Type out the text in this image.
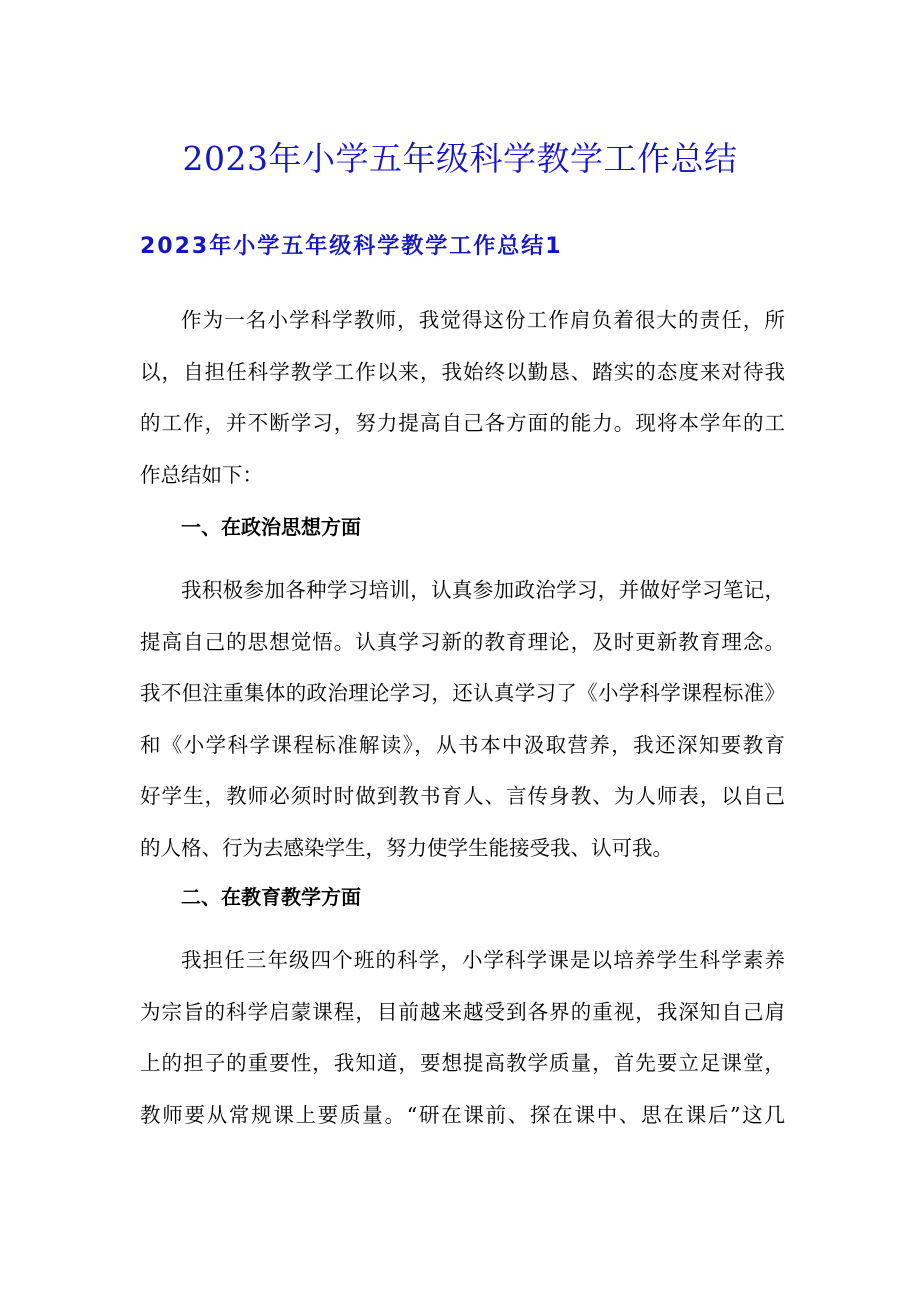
2023年小学五年级科学教学工作总结
2023年小学五年级科学教学工作总结1
作为一名小学科学教师，我觉得这份工作肩负着很大的责任，所
以，自担任科学教学工作以来，我始终以勤恳、踏实的态度来对待我
的工作，并不断学习，努力提高自己各方面的能力。现将本学年的工
作总结如下：
一、在政治思想方面
我积极参加各种学习培训，认真参加政治学习，并做好学习笔记，
提高自己的思想觉悟。认真学习新的教育理论，及时更新教育理念。
我不但注重集体的政治理论学习，还认真学习了《小学科学课程标准》
和《小学科学课程标准解读》，从书本中汲取营养，我还深知要教育
好学生，教师必须时时做到教书育人、言传身教、为人师表，以自己
的人格、行为去感染学生，努力使学生能接受我、认可我。
二、在教育教学方面
我担任三年级四个班的科学，小学科学课是以培养学生科学素养
为宗旨的科学启蒙课程，目前越来越受到各界的重视，我深知自己肩
上的担子的重要性，我知道，要想提高教学质量，首先要立足课堂，
教师要从常规课上要质量。“研在课前、探在课中、思在课后”这几
